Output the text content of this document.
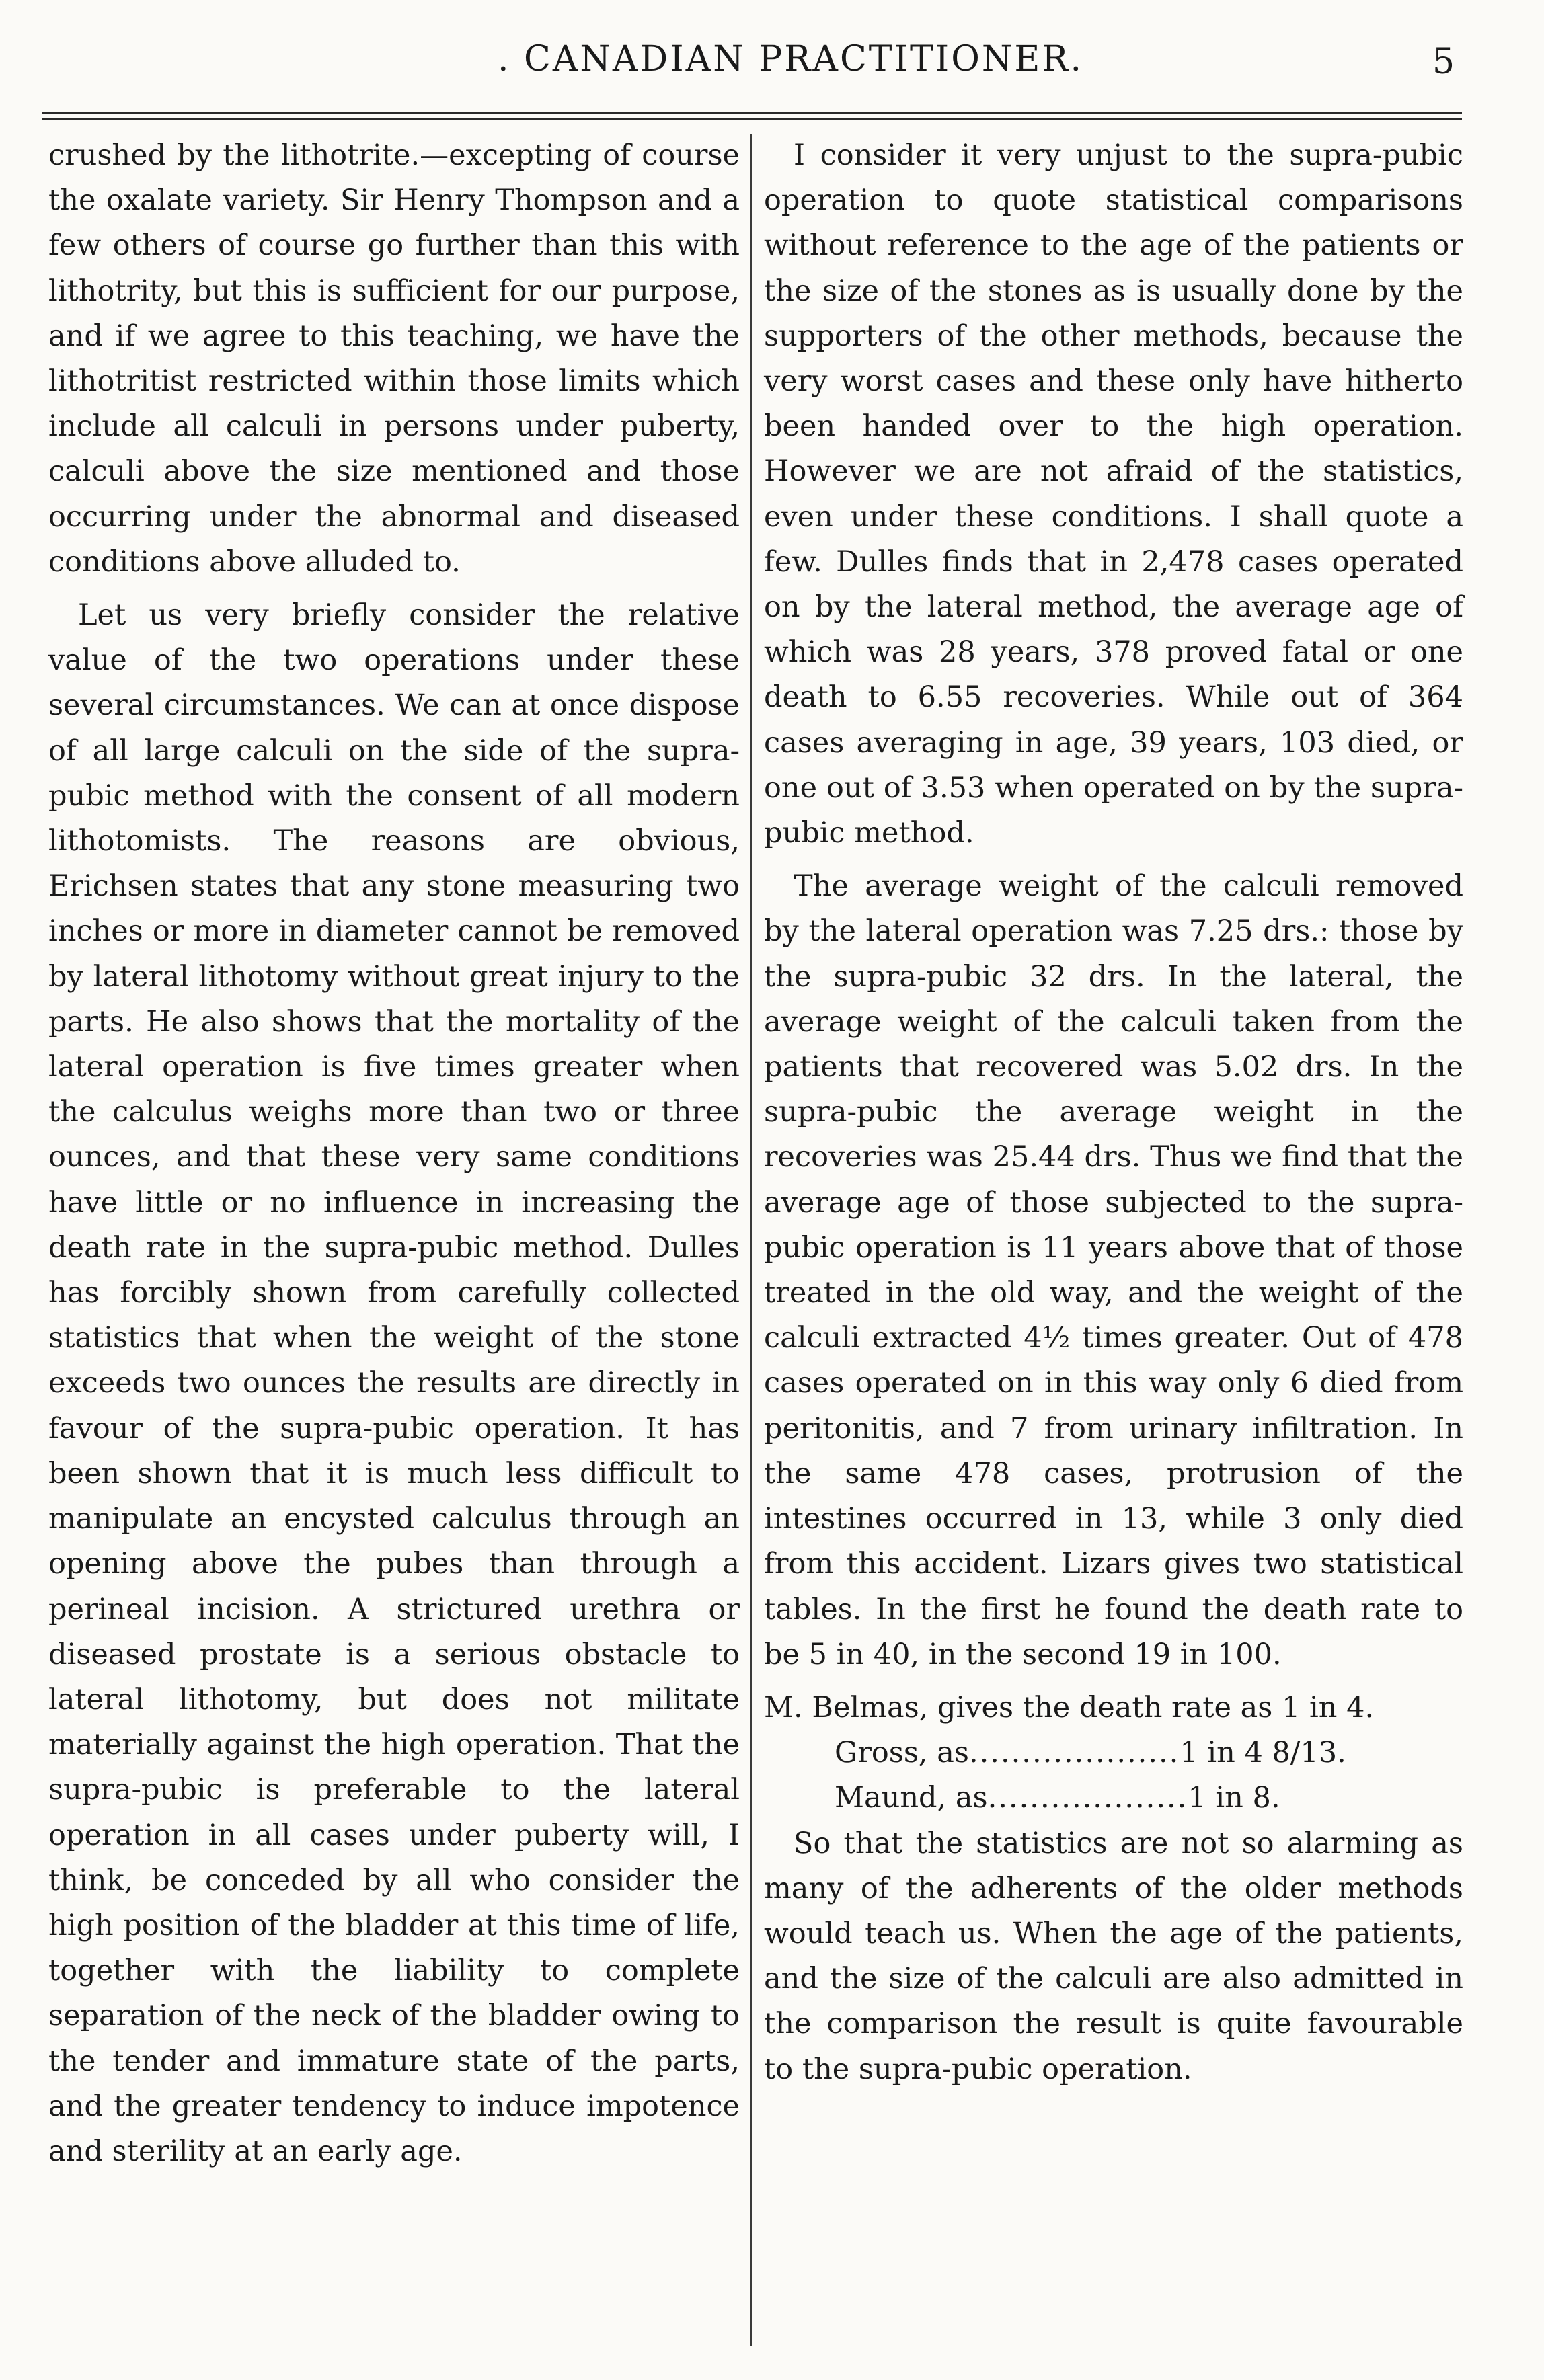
. CANADIAN PRACTITIONER.	5

crushed by the lithotrite.—excepting of course the oxalate variety. Sir Henry Thompson and a few others of course go further than this with lithotrity, but this is sufficient for our purpose, and if we agree to this teaching, we have the lithotritist restricted within those limits which include all calculi in persons under puberty, calculi above the size mentioned and those occurring under the abnormal and diseased conditions above alluded to.

Let us very briefly consider the relative value of the two operations under these several circumstances. We can at once dispose of all large calculi on the side of the supra-pubic method with the consent of all modern lithotomists. The reasons are obvious, Erichsen states that any stone measuring two inches or more in diameter cannot be removed by lateral lithotomy without great injury to the parts. He also shows that the mortality of the lateral operation is five times greater when the calculus weighs more than two or three ounces, and that these very same conditions have little or no influence in increasing the death rate in the supra-pubic method. Dulles has forcibly shown from carefully collected statistics that when the weight of the stone exceeds two ounces the results are directly in favour of the supra-pubic operation. It has been shown that it is much less difficult to manipulate an encysted calculus through an opening above the pubes than through a perineal incision. A strictured urethra or diseased prostate is a serious obstacle to lateral lithotomy, but does not militate materially against the high operation. That the supra-pubic is preferable to the lateral operation in all cases under puberty will, I think, be conceded by all who consider the high position of the bladder at this time of life, together with the liability to complete separation of the neck of the bladder owing to the tender and immature state of the parts, and the greater tendency to induce impotence and sterility at an early age.

I consider it very unjust to the supra-pubic operation to quote statistical comparisons without reference to the age of the patients or the size of the stones as is usually done by the supporters of the other methods, because the very worst cases and these only have hitherto been handed over to the high operation. However we are not afraid of the statistics, even under these conditions. I shall quote a few. Dulles finds that in 2,478 cases operated on by the lateral method, the average age of which was 28 years, 378 proved fatal or one death to 6.55 recoveries. While out of 364 cases averaging in age, 39 years, 103 died, or one out of 3.53 when operated on by the supra-pubic method.

The average weight of the calculi removed by the lateral operation was 7.25 drs.: those by the supra-pubic 32 drs. In the lateral, the average weight of the calculi taken from the patients that recovered was 5.02 drs. In the supra-pubic the average weight in the recoveries was 25.44 drs. Thus we find that the average age of those subjected to the supra-pubic operation is 11 years above that of those treated in the old way, and the weight of the calculi extracted 4½ times greater. Out of 478 cases operated on in this way only 6 died from peritonitis, and 7 from urinary infiltration. In the same 478 cases, protrusion of the intestines occurred in 13, while 3 only died from this accident. Lizars gives two statistical tables. In the first he found the death rate to be 5 in 40, in the second 19 in 100.

M. Belmas, gives the death rate as 1 in 4.
Gross, as....................1 in 4 8/13.
Maund, as...................1 in 8.

So that the statistics are not so alarming as many of the adherents of the older methods would teach us. When the age of the patients, and the size of the calculi are also admitted in the comparison the result is quite favourable to the supra-pubic operation.
